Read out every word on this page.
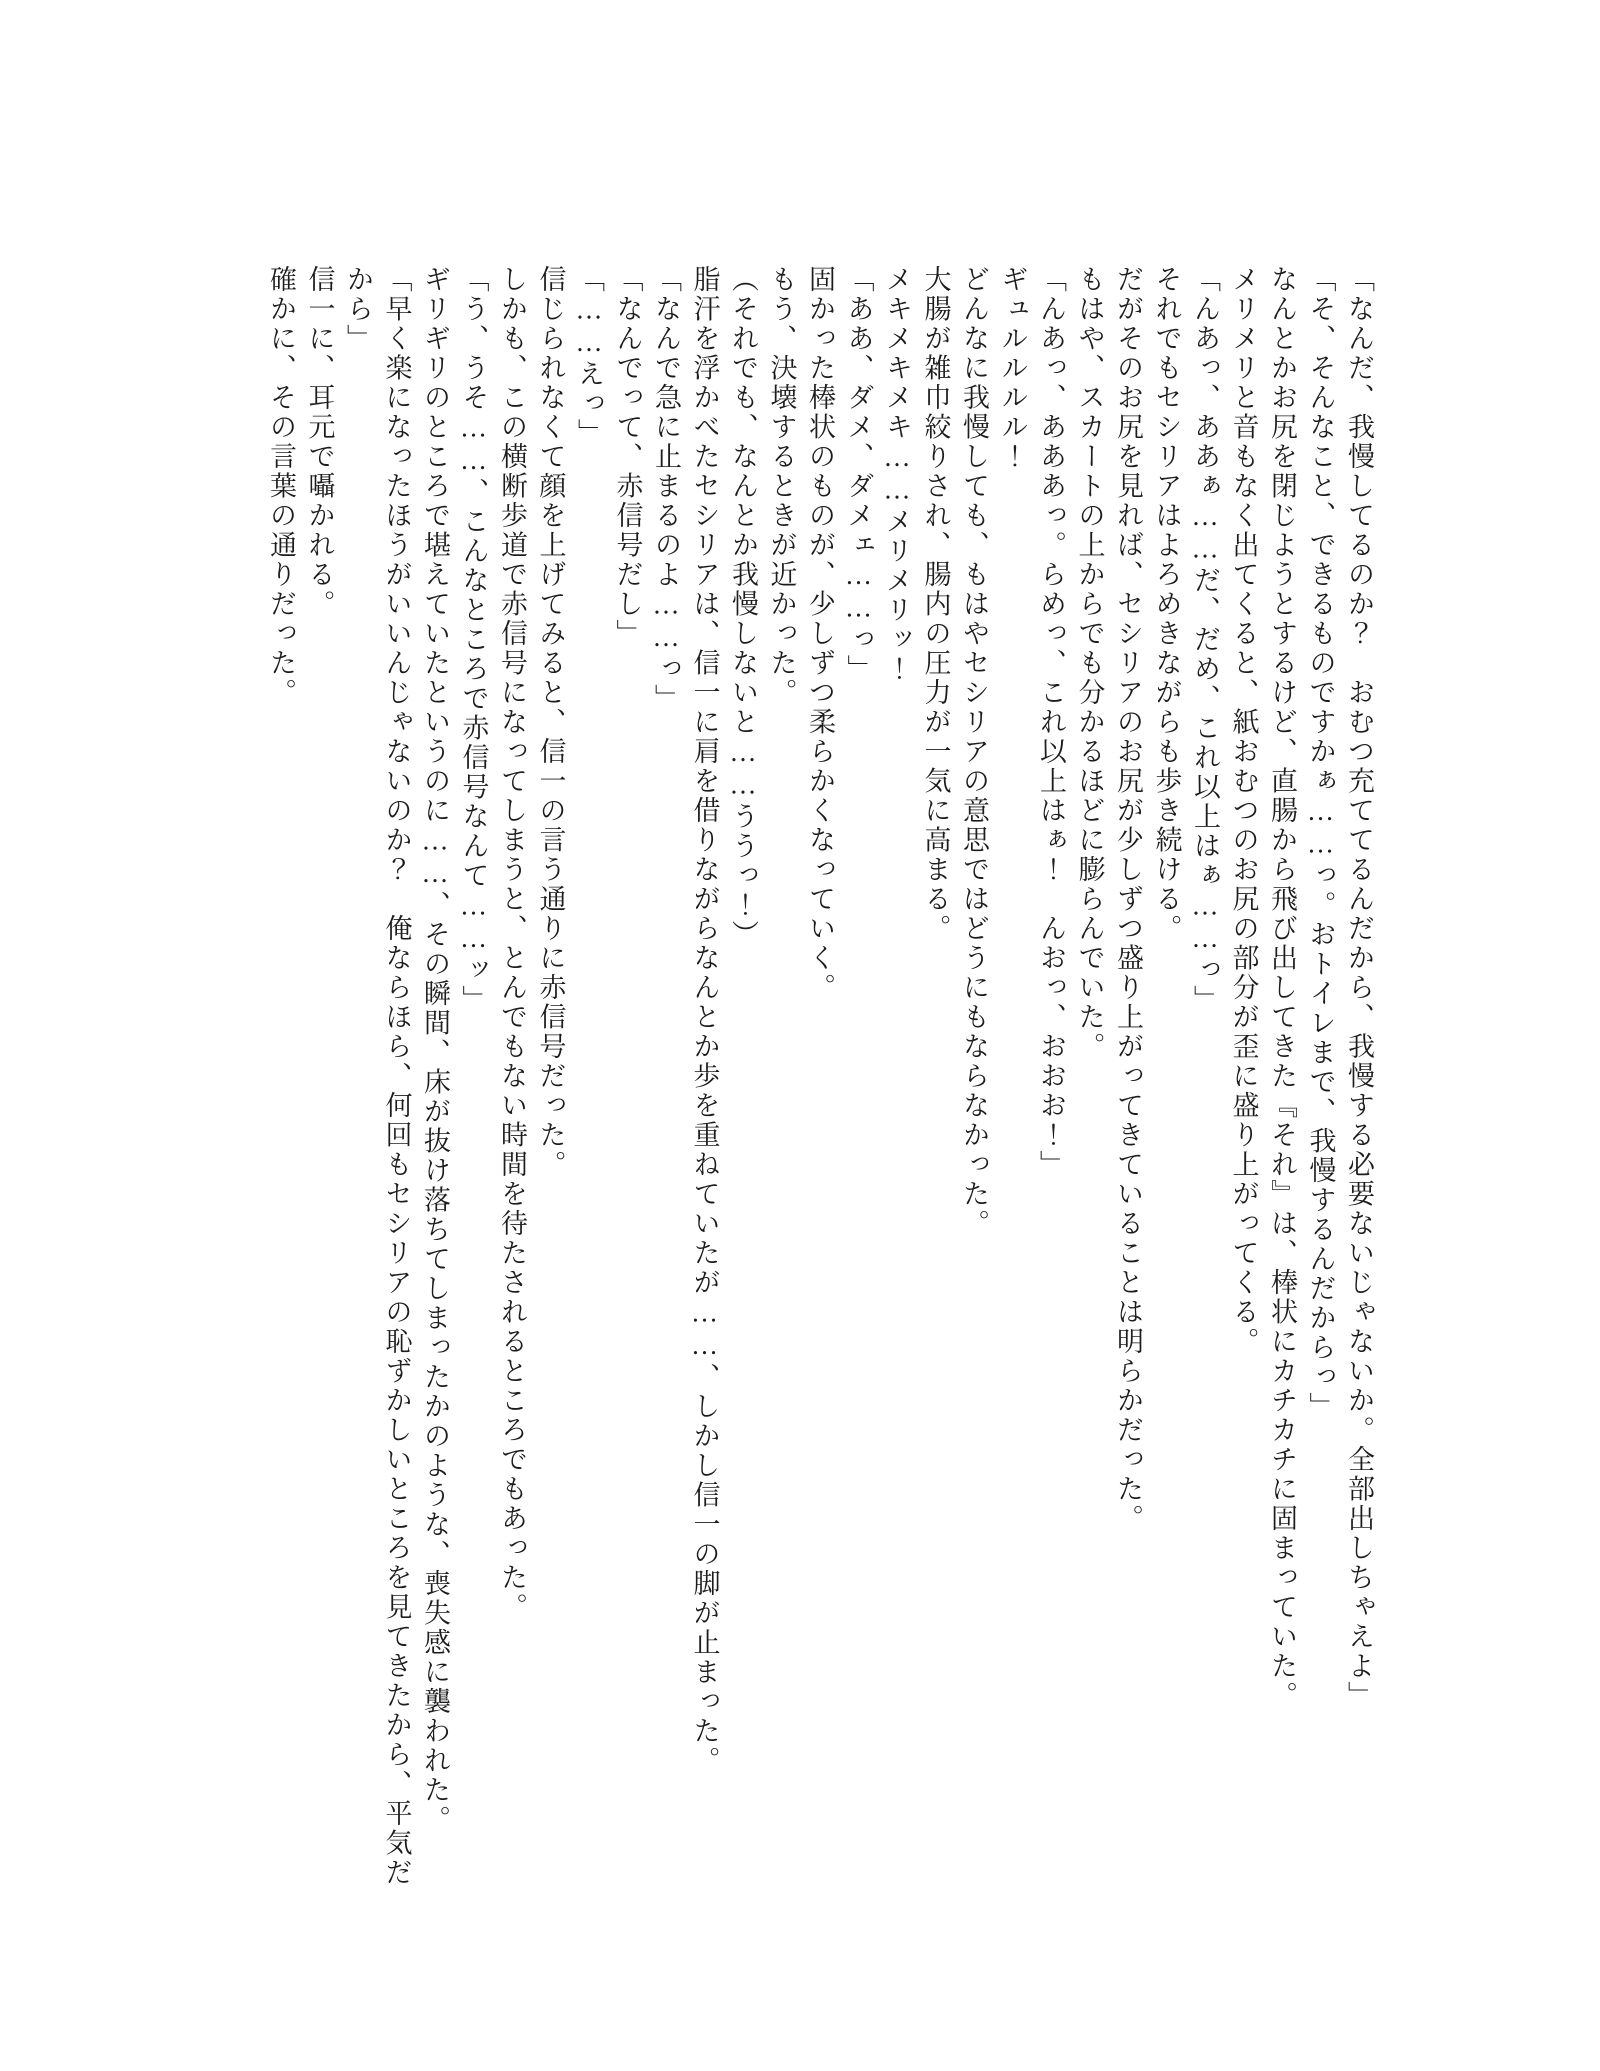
「なんだ、我慢してるのか？　おむつ充ててるんだから、我慢する必要ないじゃないか。全部出しちゃえよ」

「そ、そんなこと、できるものですかぁ……っ。おトイレまで、我慢するんだからっ」

なんとかお尻を閉じようとするけど、直腸から飛び出してきた『それ』は、棒状にカチカチに固まっていた。

メリメリと音もなく出てくると、紙おむつのお尻の部分が歪に盛り上がってくる。

「んあっ、ああぁ……だ、だめ、これ以上はぁ……っ」

それでもセシリアはよろめきながらも歩き続ける。

だがそのお尻を見れば、セシリアのお尻が少しずつ盛り上がってきていることは明らかだった。

もはや、スカートの上からでも分かるほどに膨らんでいた。

「んあっ、あああっ。らめっ、これ以上はぁ！　んおっ、おおお！」

ギュルルルル！

どんなに我慢しても、もはやセシリアの意思ではどうにもならなかった。

大腸が雑巾絞りされ、腸内の圧力が一気に高まる。

メキメキメキ……メリメリッ！

「ああ、ダメ、ダメェ……っ」

固かった棒状のものが、少しずつ柔らかくなっていく。

もう、決壊するときが近かった。

（それでも、なんとか我慢しないと……ううっ！）

脂汗を浮かべたセシリアは、信一に肩を借りながらなんとか歩を重ねていたが……、しかし信一の脚が止まった。

「なんで急に止まるのよ……っ」

「なんでって、赤信号だし」

「……えっ」

信じられなくて顔を上げてみると、信一の言う通りに赤信号だった。

しかも、この横断歩道で赤信号になってしまうと、とんでもない時間を待たされるところでもあった。

「う、うそ……、こんなところで赤信号なんて……ッ」

ギリギリのところで堪えていたというのに……、その瞬間、床が抜け落ちてしまったかのような、喪失感に襲われた。

「早く楽になったほうがいいんじゃないのか？　俺ならほら、何回もセシリアの恥ずかしいところを見てきたから、平気だから」

信一に、耳元で囁かれる。

確かに、その言葉の通りだった。
